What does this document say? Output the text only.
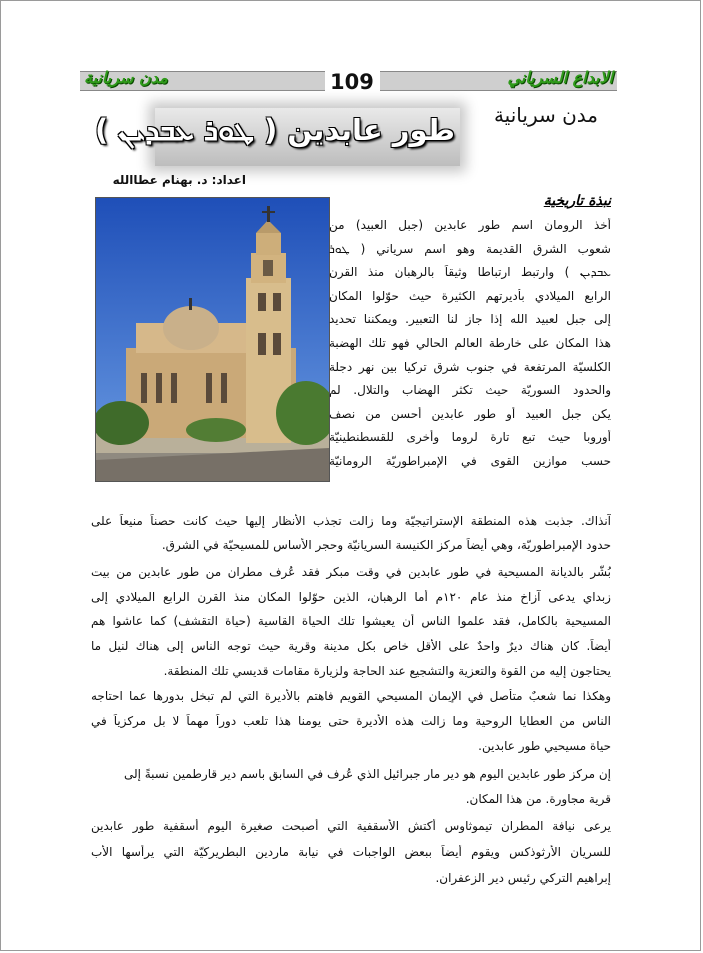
مدن سريانية	الابداع السرياني
109
مدن سريانية
طور عابدين ( ܛܘܪ ܥܒܕܝܢ )
اعداد: د. بهنام عطاالله
نبذة تاريخية
أخذ الرومان اسم طور عابدين (جبل العبيد) من
شعوب الشرق القديمة وهو اسم سرياني ( ܛܘܪ
ܥܒܕܝܢ ) وارتبط ارتباطا وثيقاً بالرهبان منذ القرن
الرابع الميلادي بأديرتهم الكثيرة حيث حوّلوا المكان
إلى جبل لعبيد الله إذا جاز لنا التعبير. ويمكننا تحديد
هذا المكان على خارطة العالم الحالي فهو تلك الهضبة
الكلسيّة المرتفعة في جنوب شرق تركيا بين نهر دجلة
والحدود السوريّة حيث تكثر الهضاب والتلال. لم
يكن جبل العبيد أو طور عابدين أحسن من نصف
أوروبا حيث تبع تارة لروما وأخرى للقسطنطينيّة
حسب موازين القوى في الإمبراطوريّة الرومانيّة
آنذاك. جذبت هذه المنطقة الإستراتيجيّة وما زالت تجذب الأنظار إليها حيث كانت حصناً منيعاً على
حدود الإمبراطوريّة، وهي أيضاً مركز الكنيسة السريانيّة وحجر الأساس للمسيحيّة في الشرق.
بُشّر بالديانة المسيحية في طور عابدين في وقت مبكر فقد عُرف مطران من طور عابدين من بيت
زبداي يدعى آزاخ منذ عام ١٢٠م أما الرهبان، الذين حوّلوا المكان منذ القرن الرابع الميلادي إلى
المسيحية بالكامل، فقد علموا الناس أن يعيشوا تلك الحياة القاسية (حياة التقشف) كما عاشوا هم
أيضاً. كان هناك ديرٌ واحدٌ على الأقل خاص بكل مدينة وقرية حيث توجه الناس إلى هناك لنيل ما
يحتاجون إليه من القوة والتعزية والتشجيع عند الحاجة ولزيارة مقامات قديسي تلك المنطقة.
وهكذا نما شعبٌ متأصل في الإيمان المسيحي القويم فاهتم بالأديرة التي لم تبخل بدورها عما احتاجه
الناس من العطايا الروحية وما زالت هذه الأديرة حتى يومنا هذا تلعب دوراً مهماً لا بل مركزياً في
حياة مسيحيي طور عابدين.
إن مركز طور عابدين اليوم هو دير مار جبرائيل الذي عُرف في السابق باسم دير قارطمين نسبةً إلى
قرية مجاورة. من هذا المكان.
يرعى نيافة المطران تيموثاوس أكتش الأسقفية التي أصبحت صغيرة اليوم أسقفية طور عابدين
للسريان الأرثوذكس ويقوم أيضاً ببعض الواجبات في نيابة ماردين البطريركيّة التي يرأسها الأب
إبراهيم التركي رئيس دير الزعفران.
